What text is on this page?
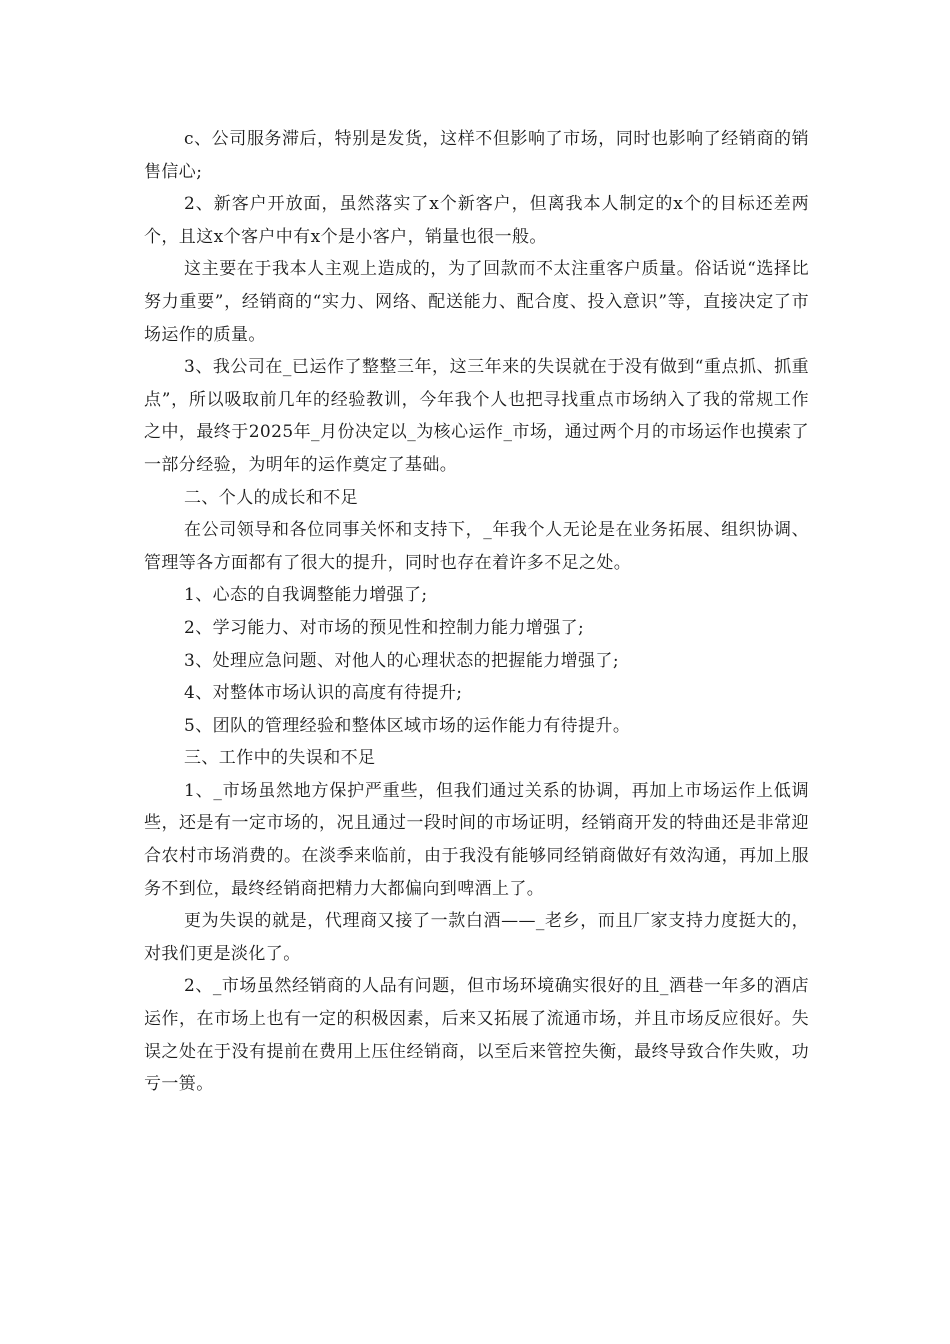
c、公司服务滞后，特别是发货，这样不但影响了市场，同时也影响了经销商的销售信心;

2、新客户开放面，虽然落实了x个新客户，但离我本人制定的x个的目标还差两个，且这x个客户中有x个是小客户，销量也很一般。

这主要在于我本人主观上造成的，为了回款而不太注重客户质量。俗话说“选择比努力重要”，经销商的“实力、网络、配送能力、配合度、投入意识”等，直接决定了市场运作的质量。

3、我公司在_已运作了整整三年，这三年来的失误就在于没有做到“重点抓、抓重点”，所以吸取前几年的经验教训，今年我个人也把寻找重点市场纳入了我的常规工作之中，最终于2025年_月份决定以_为核心运作_市场，通过两个月的市场运作也摸索了一部分经验，为明年的运作奠定了基础。

二、个人的成长和不足

在公司领导和各位同事关怀和支持下，_年我个人无论是在业务拓展、组织协调、管理等各方面都有了很大的提升，同时也存在着许多不足之处。

1、心态的自我调整能力增强了;

2、学习能力、对市场的预见性和控制力能力增强了;

3、处理应急问题、对他人的心理状态的把握能力增强了;

4、对整体市场认识的高度有待提升;

5、团队的管理经验和整体区域市场的运作能力有待提升。

三、工作中的失误和不足

1、_市场虽然地方保护严重些，但我们通过关系的协调，再加上市场运作上低调些，还是有一定市场的，况且通过一段时间的市场证明，经销商开发的特曲还是非常迎合农村市场消费的。在淡季来临前，由于我没有能够同经销商做好有效沟通，再加上服务不到位，最终经销商把精力大都偏向到啤酒上了。

更为失误的就是，代理商又接了一款白酒——_老乡，而且厂家支持力度挺大的，对我们更是淡化了。

2、_市场虽然经销商的人品有问题，但市场环境确实很好的且_酒巷一年多的酒店运作，在市场上也有一定的积极因素，后来又拓展了流通市场，并且市场反应很好。失误之处在于没有提前在费用上压住经销商，以至后来管控失衡，最终导致合作失败，功亏一篑。
